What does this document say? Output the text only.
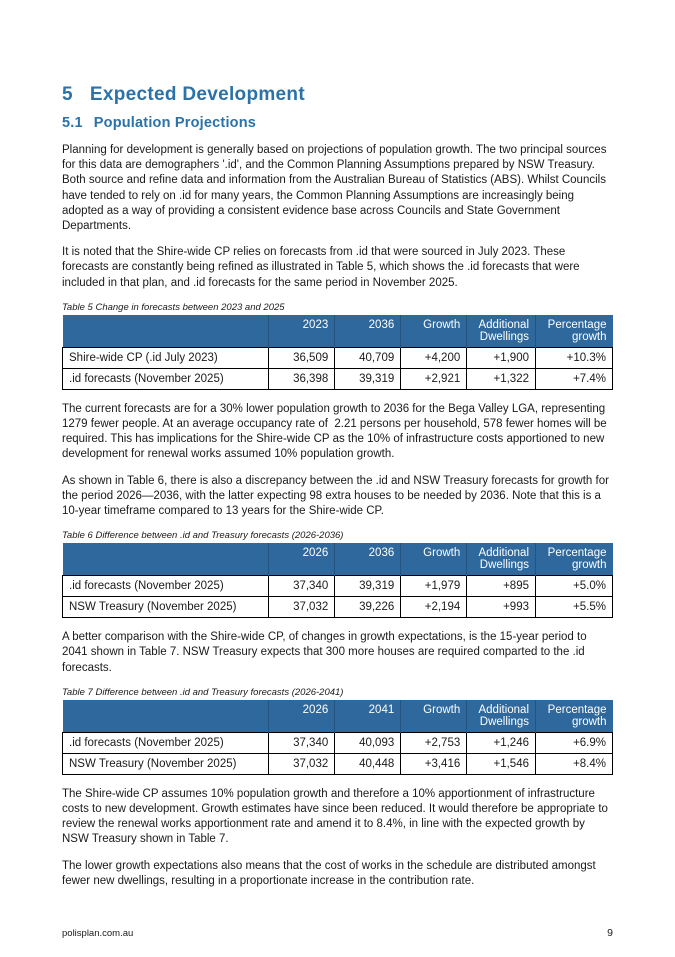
5 Expected Development
5.1 Population Projections

Planning for development is generally based on projections of population growth. The two principal sources for this data are demographers '.id', and the Common Planning Assumptions prepared by NSW Treasury. Both source and refine data and information from the Australian Bureau of Statistics (ABS). Whilst Councils have tended to rely on .id for many years, the Common Planning Assumptions are increasingly being adopted as a way of providing a consistent evidence base across Councils and State Government Departments.

It is noted that the Shire-wide CP relies on forecasts from .id that were sourced in July 2023. These forecasts are constantly being refined as illustrated in Table 5, which shows the .id forecasts that were included in that plan, and .id forecasts for the same period in November 2025.

Table 5 Change in forecasts between 2023 and 2025
	2023	2036	Growth	Additional Dwellings	Percentage growth
Shire-wide CP (.id July 2023)	36,509	40,709	+4,200	+1,900	+10.3%
.id forecasts (November 2025)	36,398	39,319	+2,921	+1,322	+7.4%

The current forecasts are for a 30% lower population growth to 2036 for the Bega Valley LGA, representing 1279 fewer people. At an average occupancy rate of  2.21 persons per household, 578 fewer homes will be required. This has implications for the Shire-wide CP as the 10% of infrastructure costs apportioned to new development for renewal works assumed 10% population growth.

As shown in Table 6, there is also a discrepancy between the .id and NSW Treasury forecasts for growth for the period 2026—2036, with the latter expecting 98 extra houses to be needed by 2036. Note that this is a 10-year timeframe compared to 13 years for the Shire-wide CP.

Table 6 Difference between .id and Treasury forecasts (2026-2036)
	2026	2036	Growth	Additional Dwellings	Percentage growth
.id forecasts (November 2025)	37,340	39,319	+1,979	+895	+5.0%
NSW Treasury (November 2025)	37,032	39,226	+2,194	+993	+5.5%

A better comparison with the Shire-wide CP, of changes in growth expectations, is the 15-year period to 2041 shown in Table 7. NSW Treasury expects that 300 more houses are required comparted to the .id forecasts.

Table 7 Difference between .id and Treasury forecasts (2026-2041)
	2026	2041	Growth	Additional Dwellings	Percentage growth
.id forecasts (November 2025)	37,340	40,093	+2,753	+1,246	+6.9%
NSW Treasury (November 2025)	37,032	40,448	+3,416	+1,546	+8.4%

The Shire-wide CP assumes 10% population growth and therefore a 10% apportionment of infrastructure costs to new development. Growth estimates have since been reduced. It would therefore be appropriate to review the renewal works apportionment rate and amend it to 8.4%, in line with the expected growth by NSW Treasury shown in Table 7.

The lower growth expectations also means that the cost of works in the schedule are distributed amongst fewer new dwellings, resulting in a proportionate increase in the contribution rate.

polisplan.com.au	9
